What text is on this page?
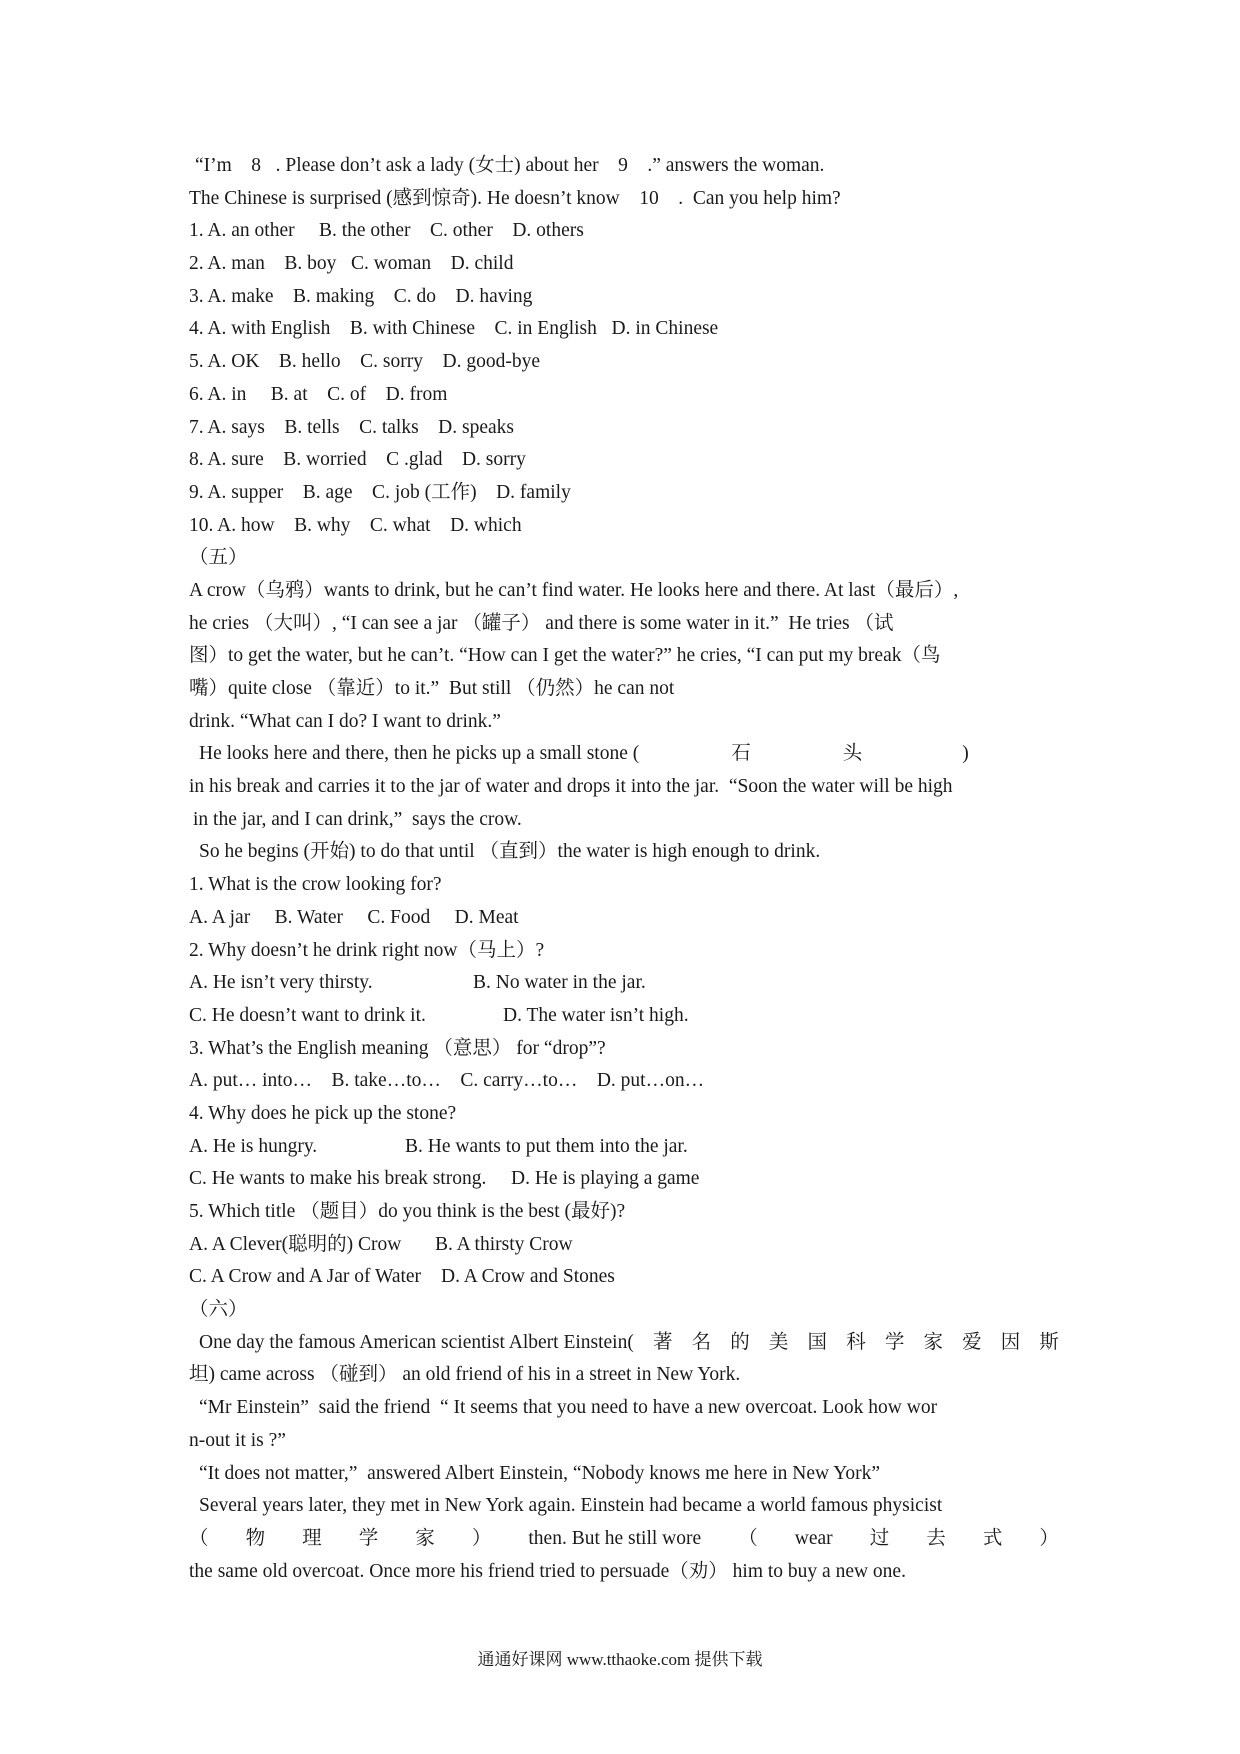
“I’m    8   . Please don’t ask a lady (女士) about her    9    .” answers the woman.
The Chinese is surprised (感到惊奇). He doesn’t know    10    .  Can you help him?
1. A. an other     B. the other    C. other    D. others
2. A. man    B. boy   C. woman    D. child
3. A. make    B. making    C. do    D. having
4. A. with English    B. with Chinese    C. in English   D. in Chinese
5. A. OK    B. hello    C. sorry    D. good-bye
6. A. in     B. at    C. of    D. from
7. A. says    B. tells    C. talks    D. speaks
8. A. sure    B. worried    C .glad    D. sorry
9. A. supper    B. age    C. job (工作)    D. family
10. A. how    B. why    C. what    D. which
（五）
A crow（乌鸦）wants to drink, but he can’t find water. He looks here and there. At last（最后）,
he cries （大叫）, “I can see a jar （罐子） and there is some water in it.”  He tries （试
图）to get the water, but he can’t. “How can I get the water?” he cries, “I can put my break（鸟
嘴）quite close （靠近）to it.”  But still （仍然）he can not
drink. “What can I do? I want to drink.”
He looks here and there, then he picks up a small stone (	石	头	)
in his break and carries it to the jar of water and drops it into the jar.  “Soon the water will be high
in the jar, and I can drink,”  says the crow.
So he begins (开始) to do that until （直到）the water is high enough to drink.
1. What is the crow looking for?
A. A jar     B. Water     C. Food     D. Meat
2. Why doesn’t he drink right now（马上）?
A. He isn’t very thirsty.	B. No water in the jar.
C. He doesn’t want to drink it.	D. The water isn’t high.
3. What’s the English meaning （意思） for “drop”?
A. put… into…    B. take…to…    C. carry…to…    D. put…on…
4. Why does he pick up the stone?
A. He is hungry.	B. He wants to put them into the jar.
C. He wants to make his break strong.	D. He is playing a game
5. Which title （题目）do you think is the best (最好)?
A. A Clever(聪明的) Crow	B. A thirsty Crow
C. A Crow and A Jar of Water	D. A Crow and Stones
（六）
One day the famous American scientist Albert Einstein( 著 名 的 美 国 科 学 家 爱 因 斯
坦) came across （碰到） an old friend of his in a street in New York.
“Mr Einstein”  said the friend  “ It seems that you need to have a new overcoat. Look how wor
n-out it is ?”
“It does not matter,”  answered Albert Einstein, “Nobody knows me here in New York”
Several years later, they met in New York again. Einstein had became a world famous physicist
（ 物 理 学 家 ） then. But he still wore （ wear 过 去 式 ）
the same old overcoat. Once more his friend tried to persuade（劝） him to buy a new one.
通通好课网 www.tthaoke.com 提供下载
